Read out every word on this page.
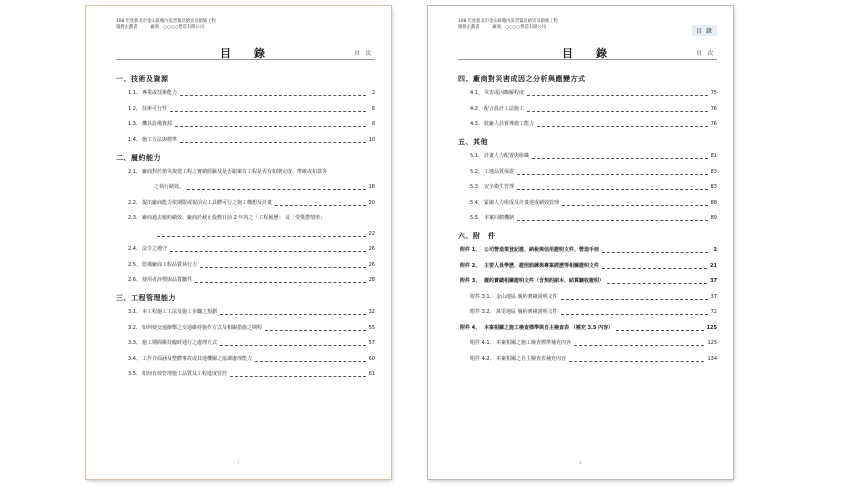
108 年度新北市金山區轄內災害緊急搶災及搶修工程
服務企劃書　　　廠商：○○○○營造有限公司
目　錄	頁 次
一、技術及資源
1.1、 專業或技術能力	2
1.2、 技術可行性	6
1.3、 機具設備資源	8
1.4、 施工方法與標準	10
二、履約能力
2.1、 廠商對於搶災復建工程之實績經驗及是否跟案有工程是否有如期完成、準確或扣款等
之執行績效。	18
2.2、 提出廠商能力依期限或提前完工具體可行之施工構想及計畫	20
2.3、 廠商過去履約績效、廠商於截止投標日前 2 年內之「工程履歷」 及「受獎懲情形」
22
2.4、 法令之遵守	26
2.5、 監備廠商工程品質執行力	26
2.6、 使用者評價與品質屬性	28
三、工程管理能力
3.1、 本工程施工工法及施工步驟之規劃	32
3.2、 如何使交通衝擊之交通維持施作方式及相關措施之期程	55
3.3、 施工期間維持臨時通行之處理方式	57
3.4、 工作介面涵及整體事故或其他機關之協調處理能力	60
3.5、 如何有效管理施工品質及工程進度管控	61
i
108 年度新北市金山區轄內災害緊急搶災及搶修工程
服務企劃書　　　廠商：○○○○營造有限公司
目 錄
目　錄	頁 次
四、廠商對災害成因之分析與應變方式
4.1、 災害成因瞭解程度	75
4.2、 配合設計工法施工	76
4.3、 駐廠人員督導施工能力	76
五、其他
5.1、 計畫人力配置與組織	81
5.2、 工地品質保證	83
5.3、 安全衛生管理	83
5.4、 緊縮人力組成及計畫達成績效管理	88
5.5、 本案回饋機制	89
六、附　件
附件 1、 公司營造業登記證、納稅與信用證明文件、營造手冊	2
附件 2、 主要人員學歷、證照訓練與專案經歷等相關證明文件	21
附件 3、 履約實績相關證明文件（含契約副本、結算驗收證明）	37
附件 3.1、 金山地區 履約實績證明文件	37
附件 3.2、 萬里地區 履約實績證明文件	72
附件 4、 本案相關之施工檢查標準與自主檢查表 （補充 3.5 內容）	125
附件 4.1、 本案相關之施工檢查標準補充內容	125
附件 4.2、 本案相關之自主檢查表補充內容	134
ii
